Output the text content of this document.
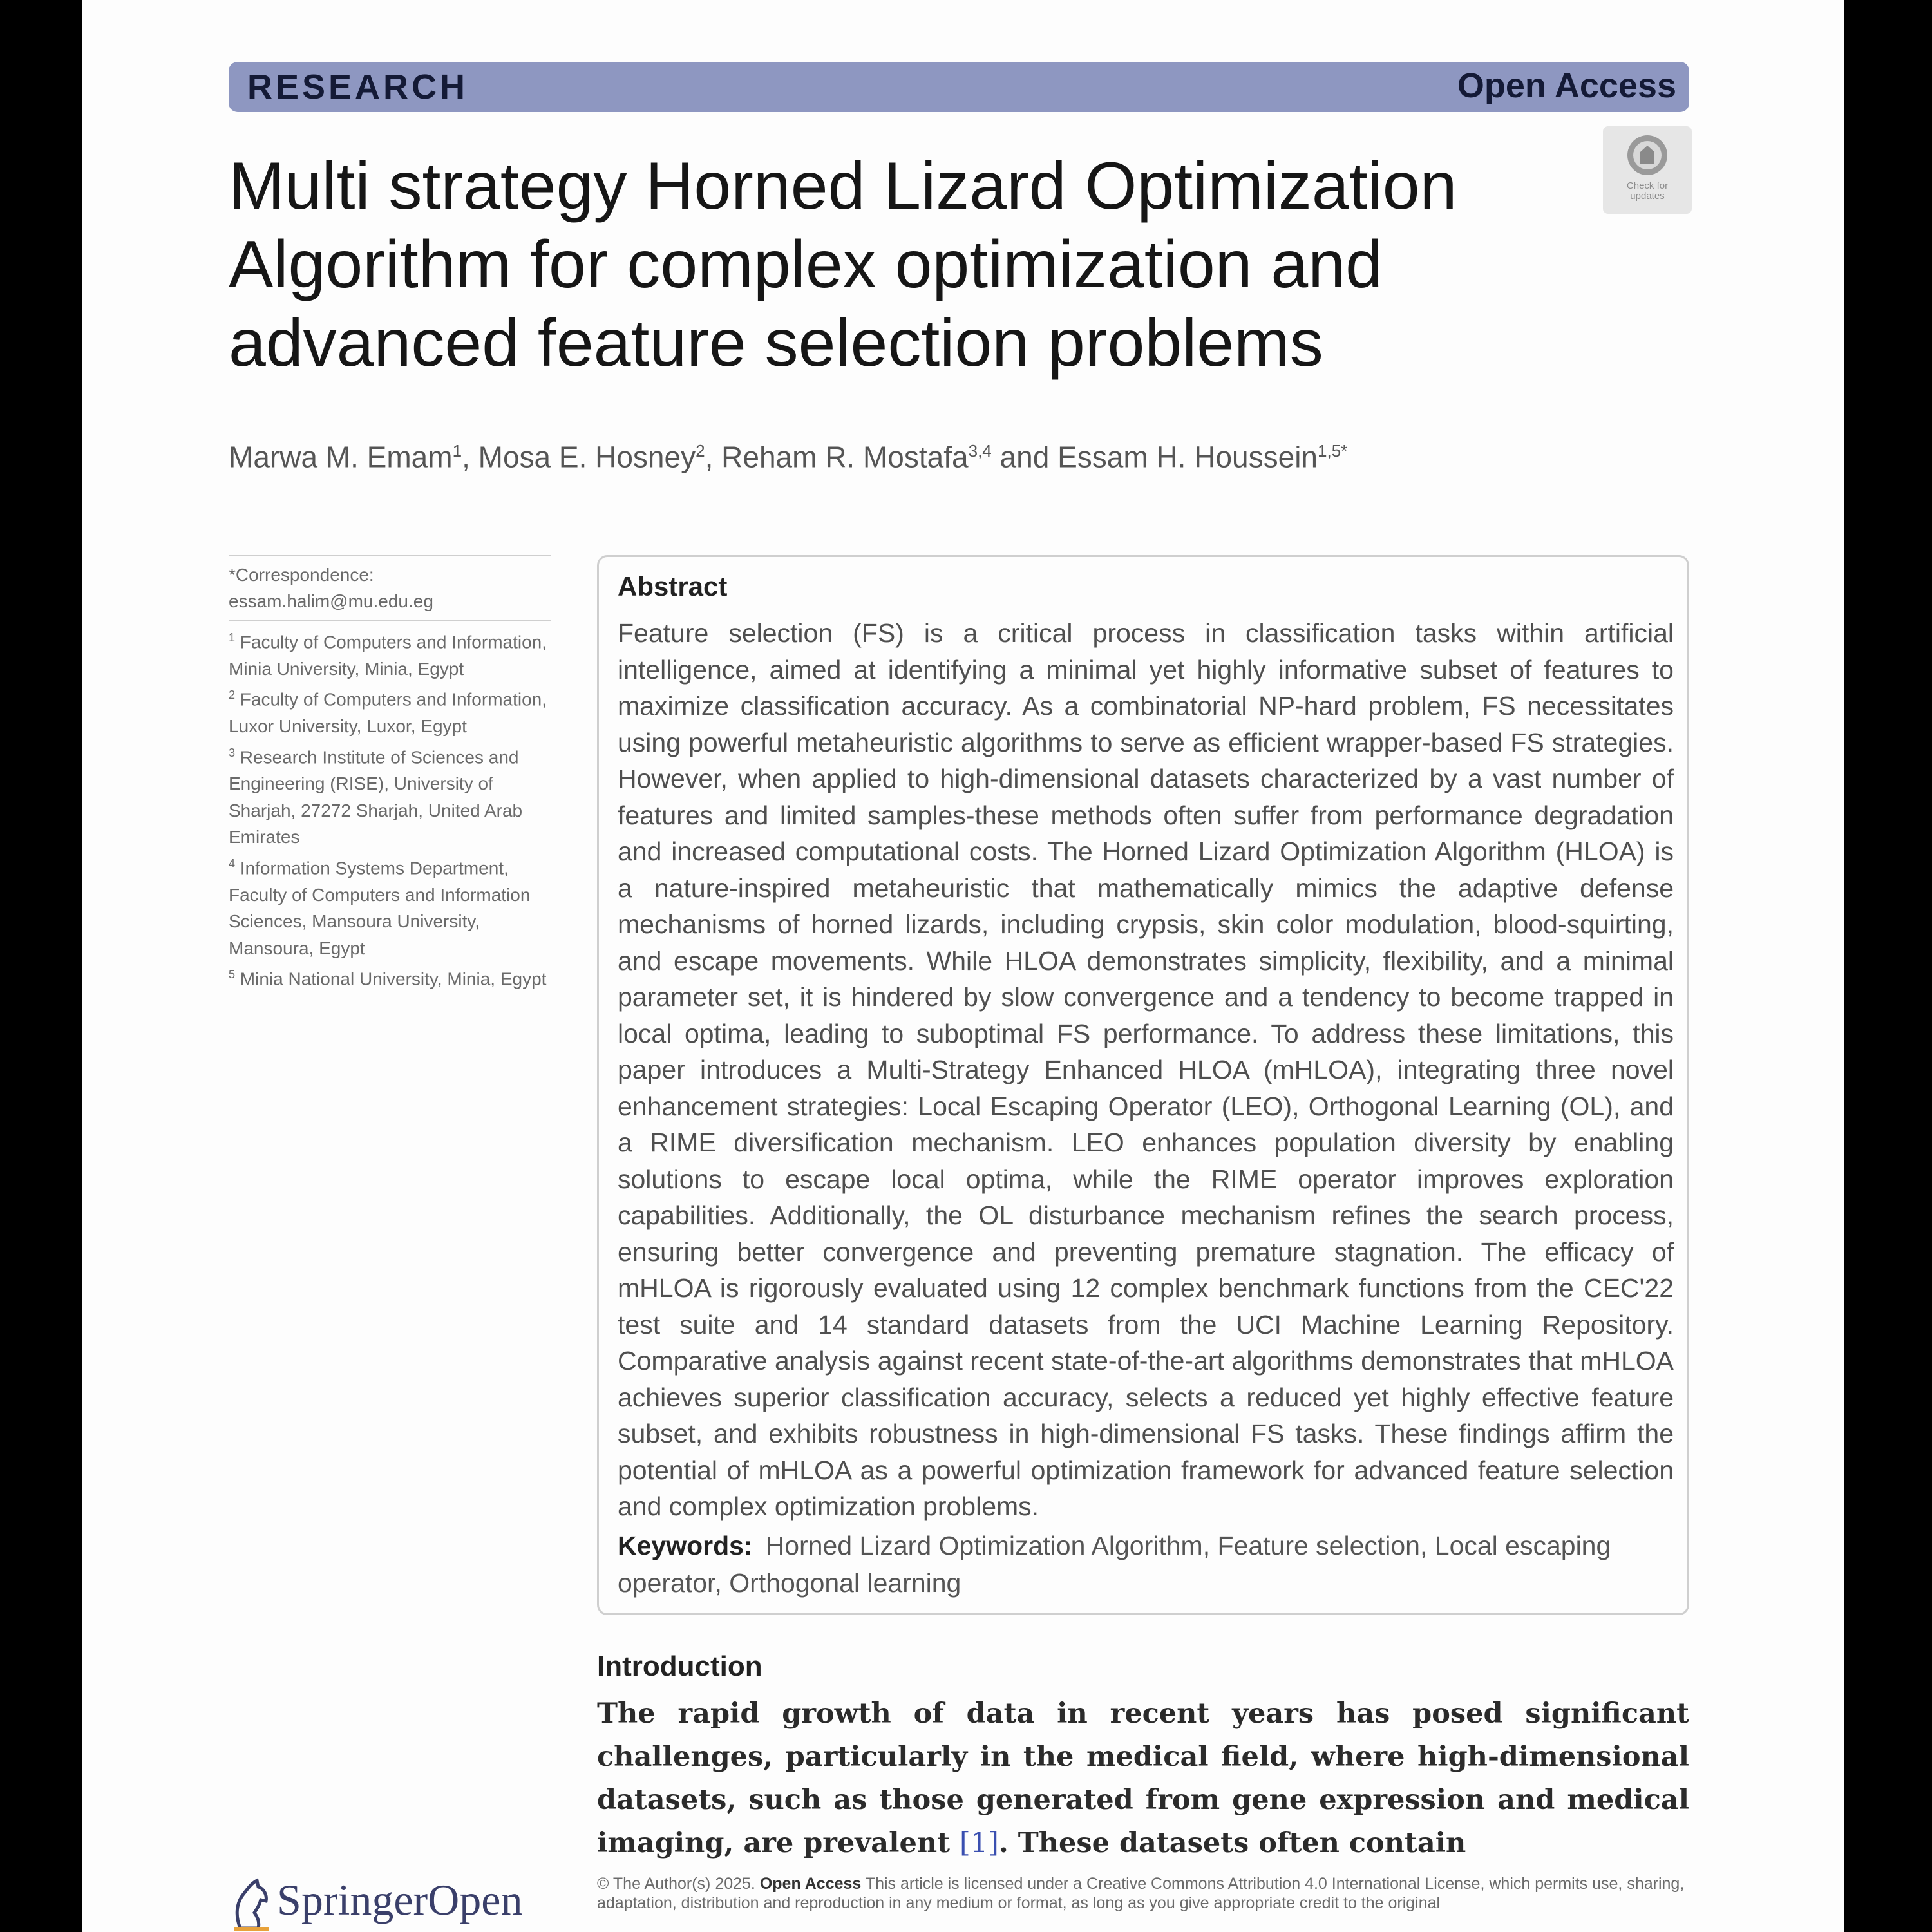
RESEARCH	Open Access
Check for updates
Multi strategy Horned Lizard Optimization Algorithm for complex optimization and advanced feature selection problems
Marwa M. Emam$^1$, Mosa E. Hosney$^2$, Reham R. Mostafa$^{3,4}$ and Essam H. Houssein$^{1,5*}$
*Correspondence:
essam.halim@mu.edu.eg

$^1$ Faculty of Computers and Information, Minia University, Minia, Egypt

$^2$ Faculty of Computers and Information, Luxor University, Luxor, Egypt

$^3$ Research Institute of Sciences and Engineering (RISE), University of Sharjah, 27272 Sharjah, United Arab Emirates

$^4$ Information Systems Department, Faculty of Computers and Information Sciences, Mansoura University, Mansoura, Egypt

$^5$ Minia National University, Minia, Egypt

Abstract
Feature selection (FS) is a critical process in classification tasks within artificial intelligence, aimed at identifying a minimal yet highly informative subset of features to maximize classification accuracy. As a combinatorial NP-hard problem, FS necessitates using powerful metaheuristic algorithms to serve as efficient wrapper-based FS strategies. However, when applied to high-dimensional datasets characterized by a vast number of features and limited samples-these methods often suffer from performance degradation and increased computational costs. The Horned Lizard Optimization Algorithm (HLOA) is a nature-inspired metaheuristic that mathematically mimics the adaptive defense mechanisms of horned lizards, including crypsis, skin color modulation, blood-squirting, and escape movements. While HLOA demonstrates simplicity, flexibility, and a minimal parameter set, it is hindered by slow convergence and a tendency to become trapped in local optima, leading to suboptimal FS performance. To address these limitations, this paper introduces a Multi-Strategy Enhanced HLOA (mHLOA), integrating three novel enhancement strategies: Local Escaping Operator (LEO), Orthogonal Learning (OL), and a RIME diversification mechanism. LEO enhances population diversity by enabling solutions to escape local optima, while the RIME operator improves exploration capabilities. Additionally, the OL disturbance mechanism refines the search process, ensuring better convergence and preventing premature stagnation. The efficacy of mHLOA is rigorously evaluated using 12 complex benchmark functions from the CEC'22 test suite and 14 standard datasets from the UCI Machine Learning Repository. Comparative analysis against recent state-of-the-art algorithms demonstrates that mHLOA achieves superior classification accuracy, selects a reduced yet highly effective feature subset, and exhibits robustness in high-dimensional FS tasks. These findings affirm the potential of mHLOA as a powerful optimization framework for advanced feature selection and complex optimization problems.
Keywords: Horned Lizard Optimization Algorithm, Feature selection, Local escaping operator, Orthogonal learning
Introduction
The rapid growth of data in recent years has posed significant challenges, particularly in the medical field, where high-dimensional datasets, such as those generated from gene expression and medical imaging, are prevalent [1]. These datasets often contain
SpringerOpen	© The Author(s) 2025. Open Access This article is licensed under a Creative Commons Attribution 4.0 International License, which permits use, sharing, adaptation, distribution and reproduction in any medium or format, as long as you give appropriate credit to the original
